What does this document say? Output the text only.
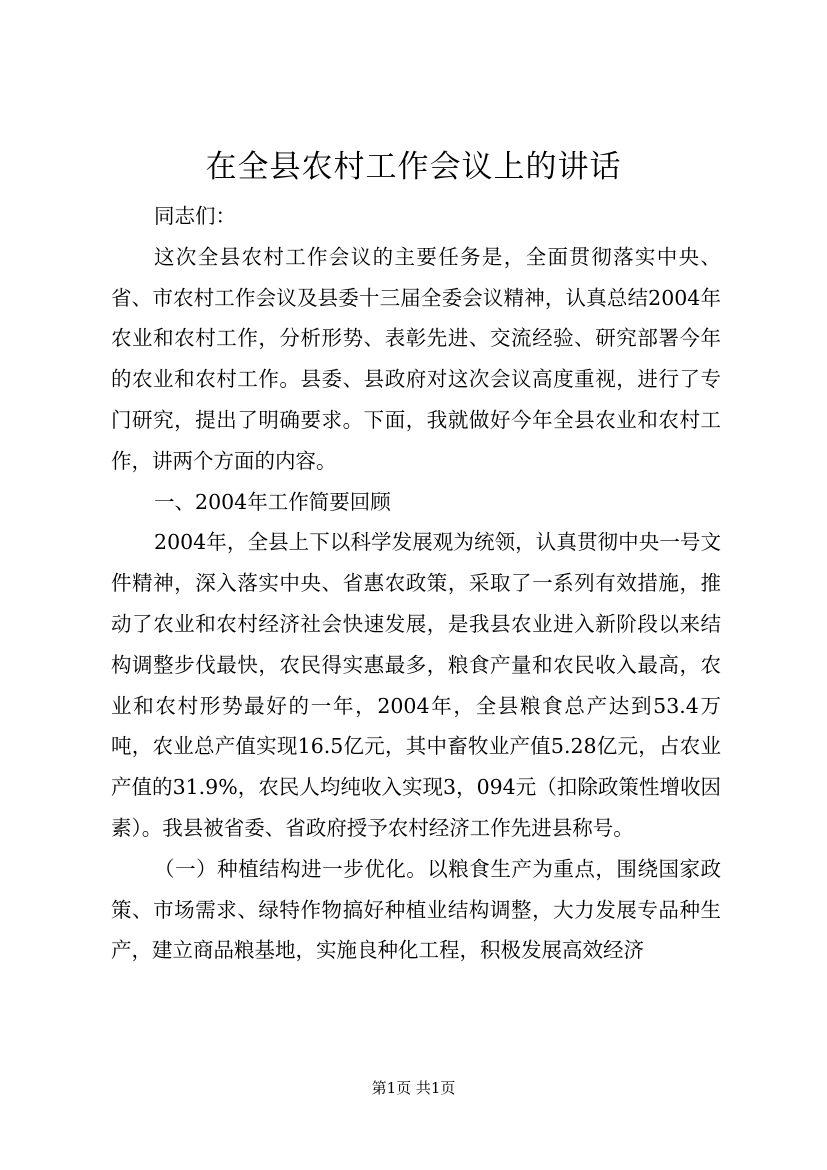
在全县农村工作会议上的讲话

同志们：

这次全县农村工作会议的主要任务是，全面贯彻落实中央、省、市农村工作会议及县委十三届全委会议精神，认真总结2004年农业和农村工作，分析形势、表彰先进、交流经验、研究部署今年的农业和农村工作。县委、县政府对这次会议高度重视，进行了专门研究，提出了明确要求。下面，我就做好今年全县农业和农村工作，讲两个方面的内容。

一、2004年工作简要回顾

2004年，全县上下以科学发展观为统领，认真贯彻中央一号文件精神，深入落实中央、省惠农政策，采取了一系列有效措施，推动了农业和农村经济社会快速发展，是我县农业进入新阶段以来结构调整步伐最快，农民得实惠最多，粮食产量和农民收入最高，农业和农村形势最好的一年，2004年，全县粮食总产达到53.4万吨，农业总产值实现16.5亿元，其中畜牧业产值5.28亿元，占农业产值的31.9%，农民人均纯收入实现3，094元（扣除政策性增收因素）。我县被省委、省政府授予农村经济工作先进县称号。

（一）种植结构进一步优化。以粮食生产为重点，围绕国家政策、市场需求、绿特作物搞好种植业结构调整，大力发展专品种生产，建立商品粮基地，实施良种化工程，积极发展高效经济

第1页 共1页
